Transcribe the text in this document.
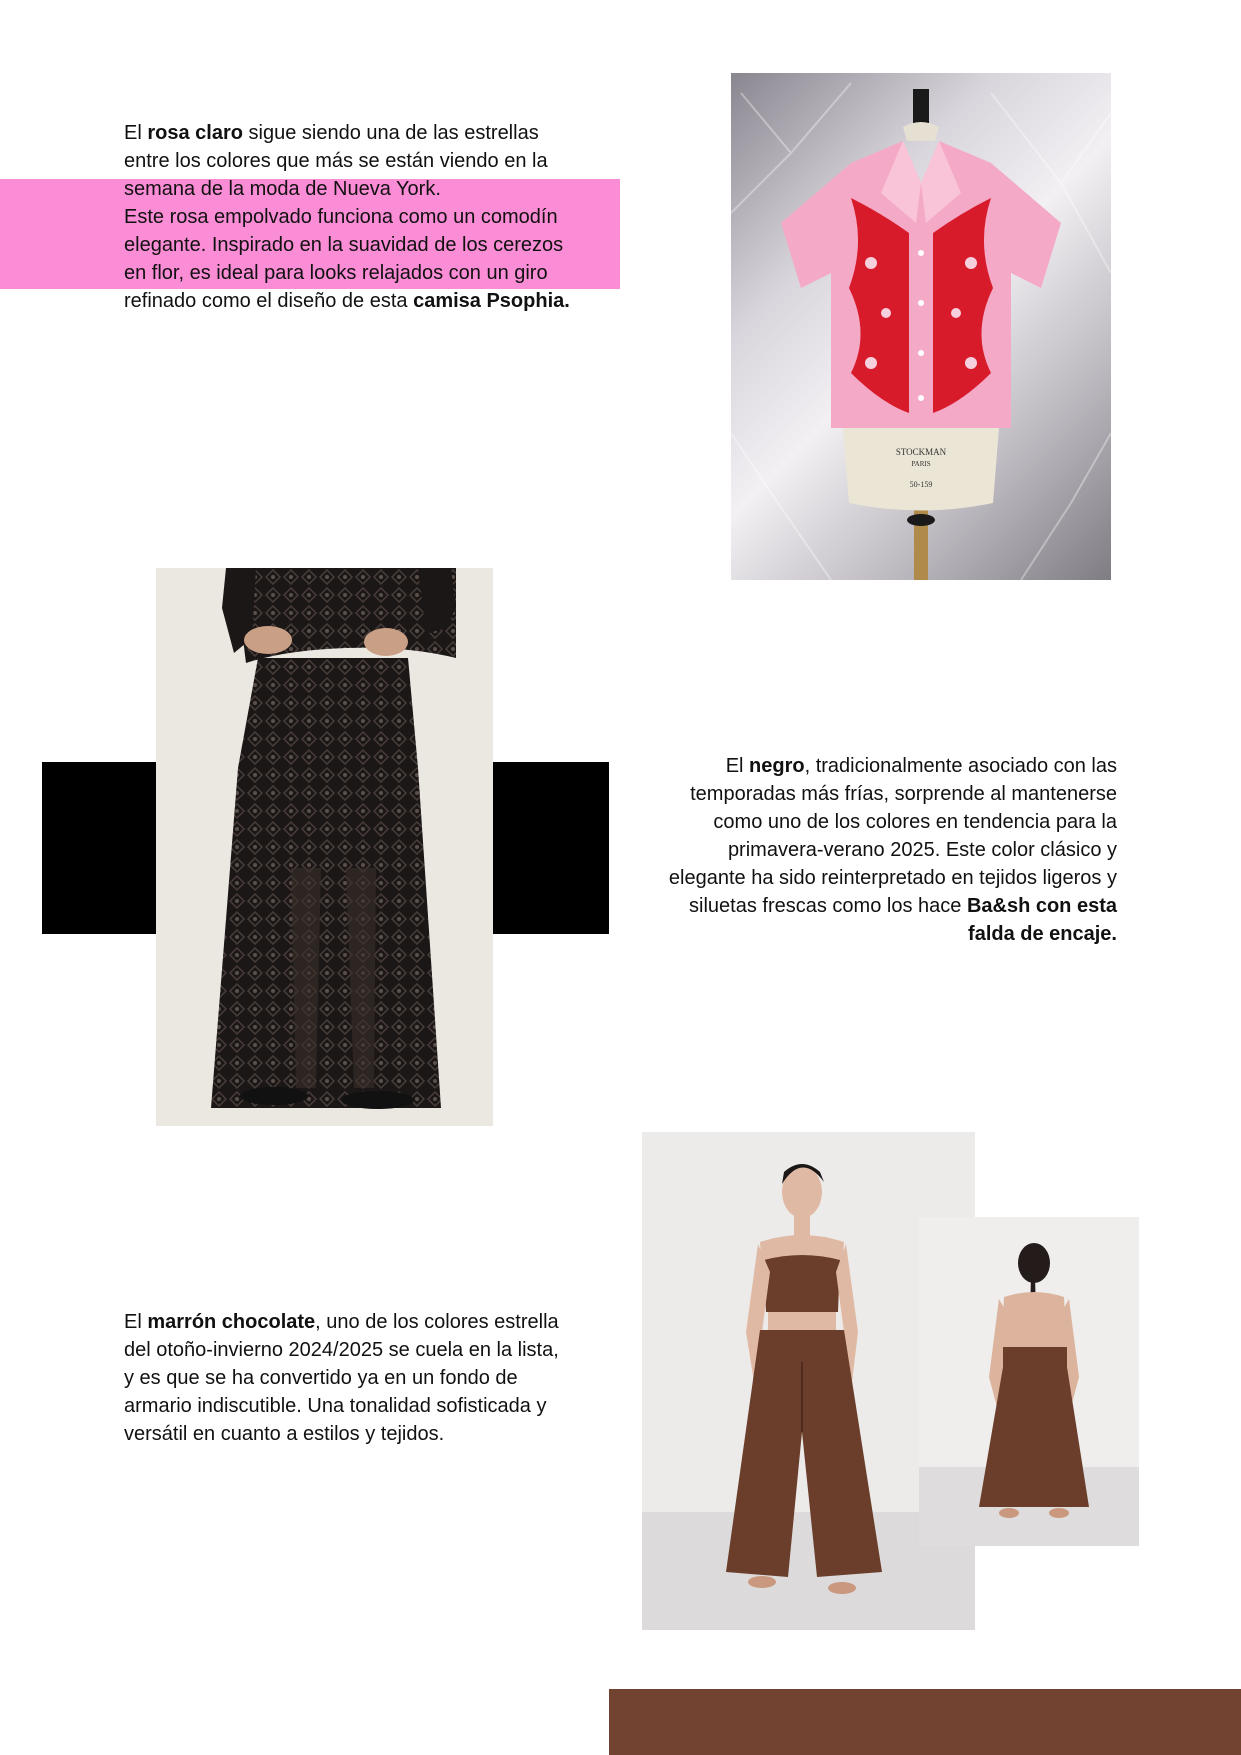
El rosa claro sigue siendo una de las estrellas entre los colores que más se están viendo en la semana de la moda de Nueva York.
Este rosa empolvado funciona como un comodín elegante. Inspirado en la suavidad de los cerezos en flor, es ideal para looks relajados con un giro refinado como el diseño de esta camisa Psophia.
STOCKMAN
PARIS
50-159
El negro, tradicionalmente asociado con las temporadas más frías, sorprende al mantenerse como uno de los colores en tendencia para la primavera-verano 2025. Este color clásico y elegante ha sido reinterpretado en tejidos ligeros y siluetas frescas como los hace Ba&sh con esta falda de encaje.
El marrón chocolate, uno de los colores estrella del otoño-invierno 2024/2025 se cuela en la lista, y es que se ha convertido ya en un fondo de armario indiscutible. Una tonalidad sofisticada y versátil en cuanto a estilos y tejidos.
